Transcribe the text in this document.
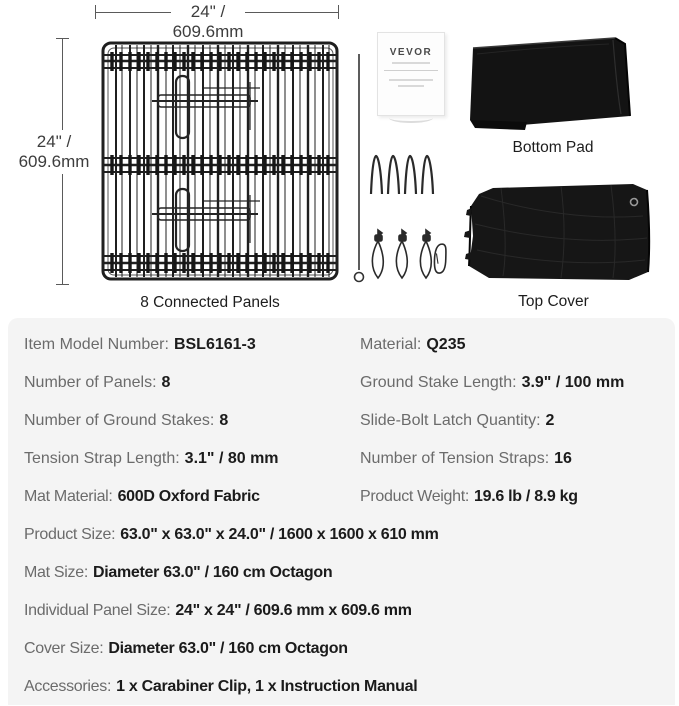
24" /
609.6mm
24" /
609.6mm
8 Connected Panels
VEVOR
Bottom Pad
Top Cover
Item Model Number: BSL6161-3	Material: Q235
Number of Panels: 8	Ground Stake Length: 3.9" / 100 mm
Number of Ground Stakes: 8	Slide-Bolt Latch Quantity: 2
Tension Strap Length: 3.1" / 80 mm	Number of Tension Straps: 16
Mat Material: 600D Oxford Fabric	Product Weight: 19.6 lb / 8.9 kg
Product Size: 63.0" x 63.0" x 24.0" / 1600 x 1600 x 610 mm
Mat Size: Diameter 63.0" / 160 cm Octagon
Individual Panel Size: 24" x 24" / 609.6 mm x 609.6 mm
Cover Size: Diameter 63.0" / 160 cm Octagon
Accessories: 1 x Carabiner Clip, 1 x Instruction Manual
